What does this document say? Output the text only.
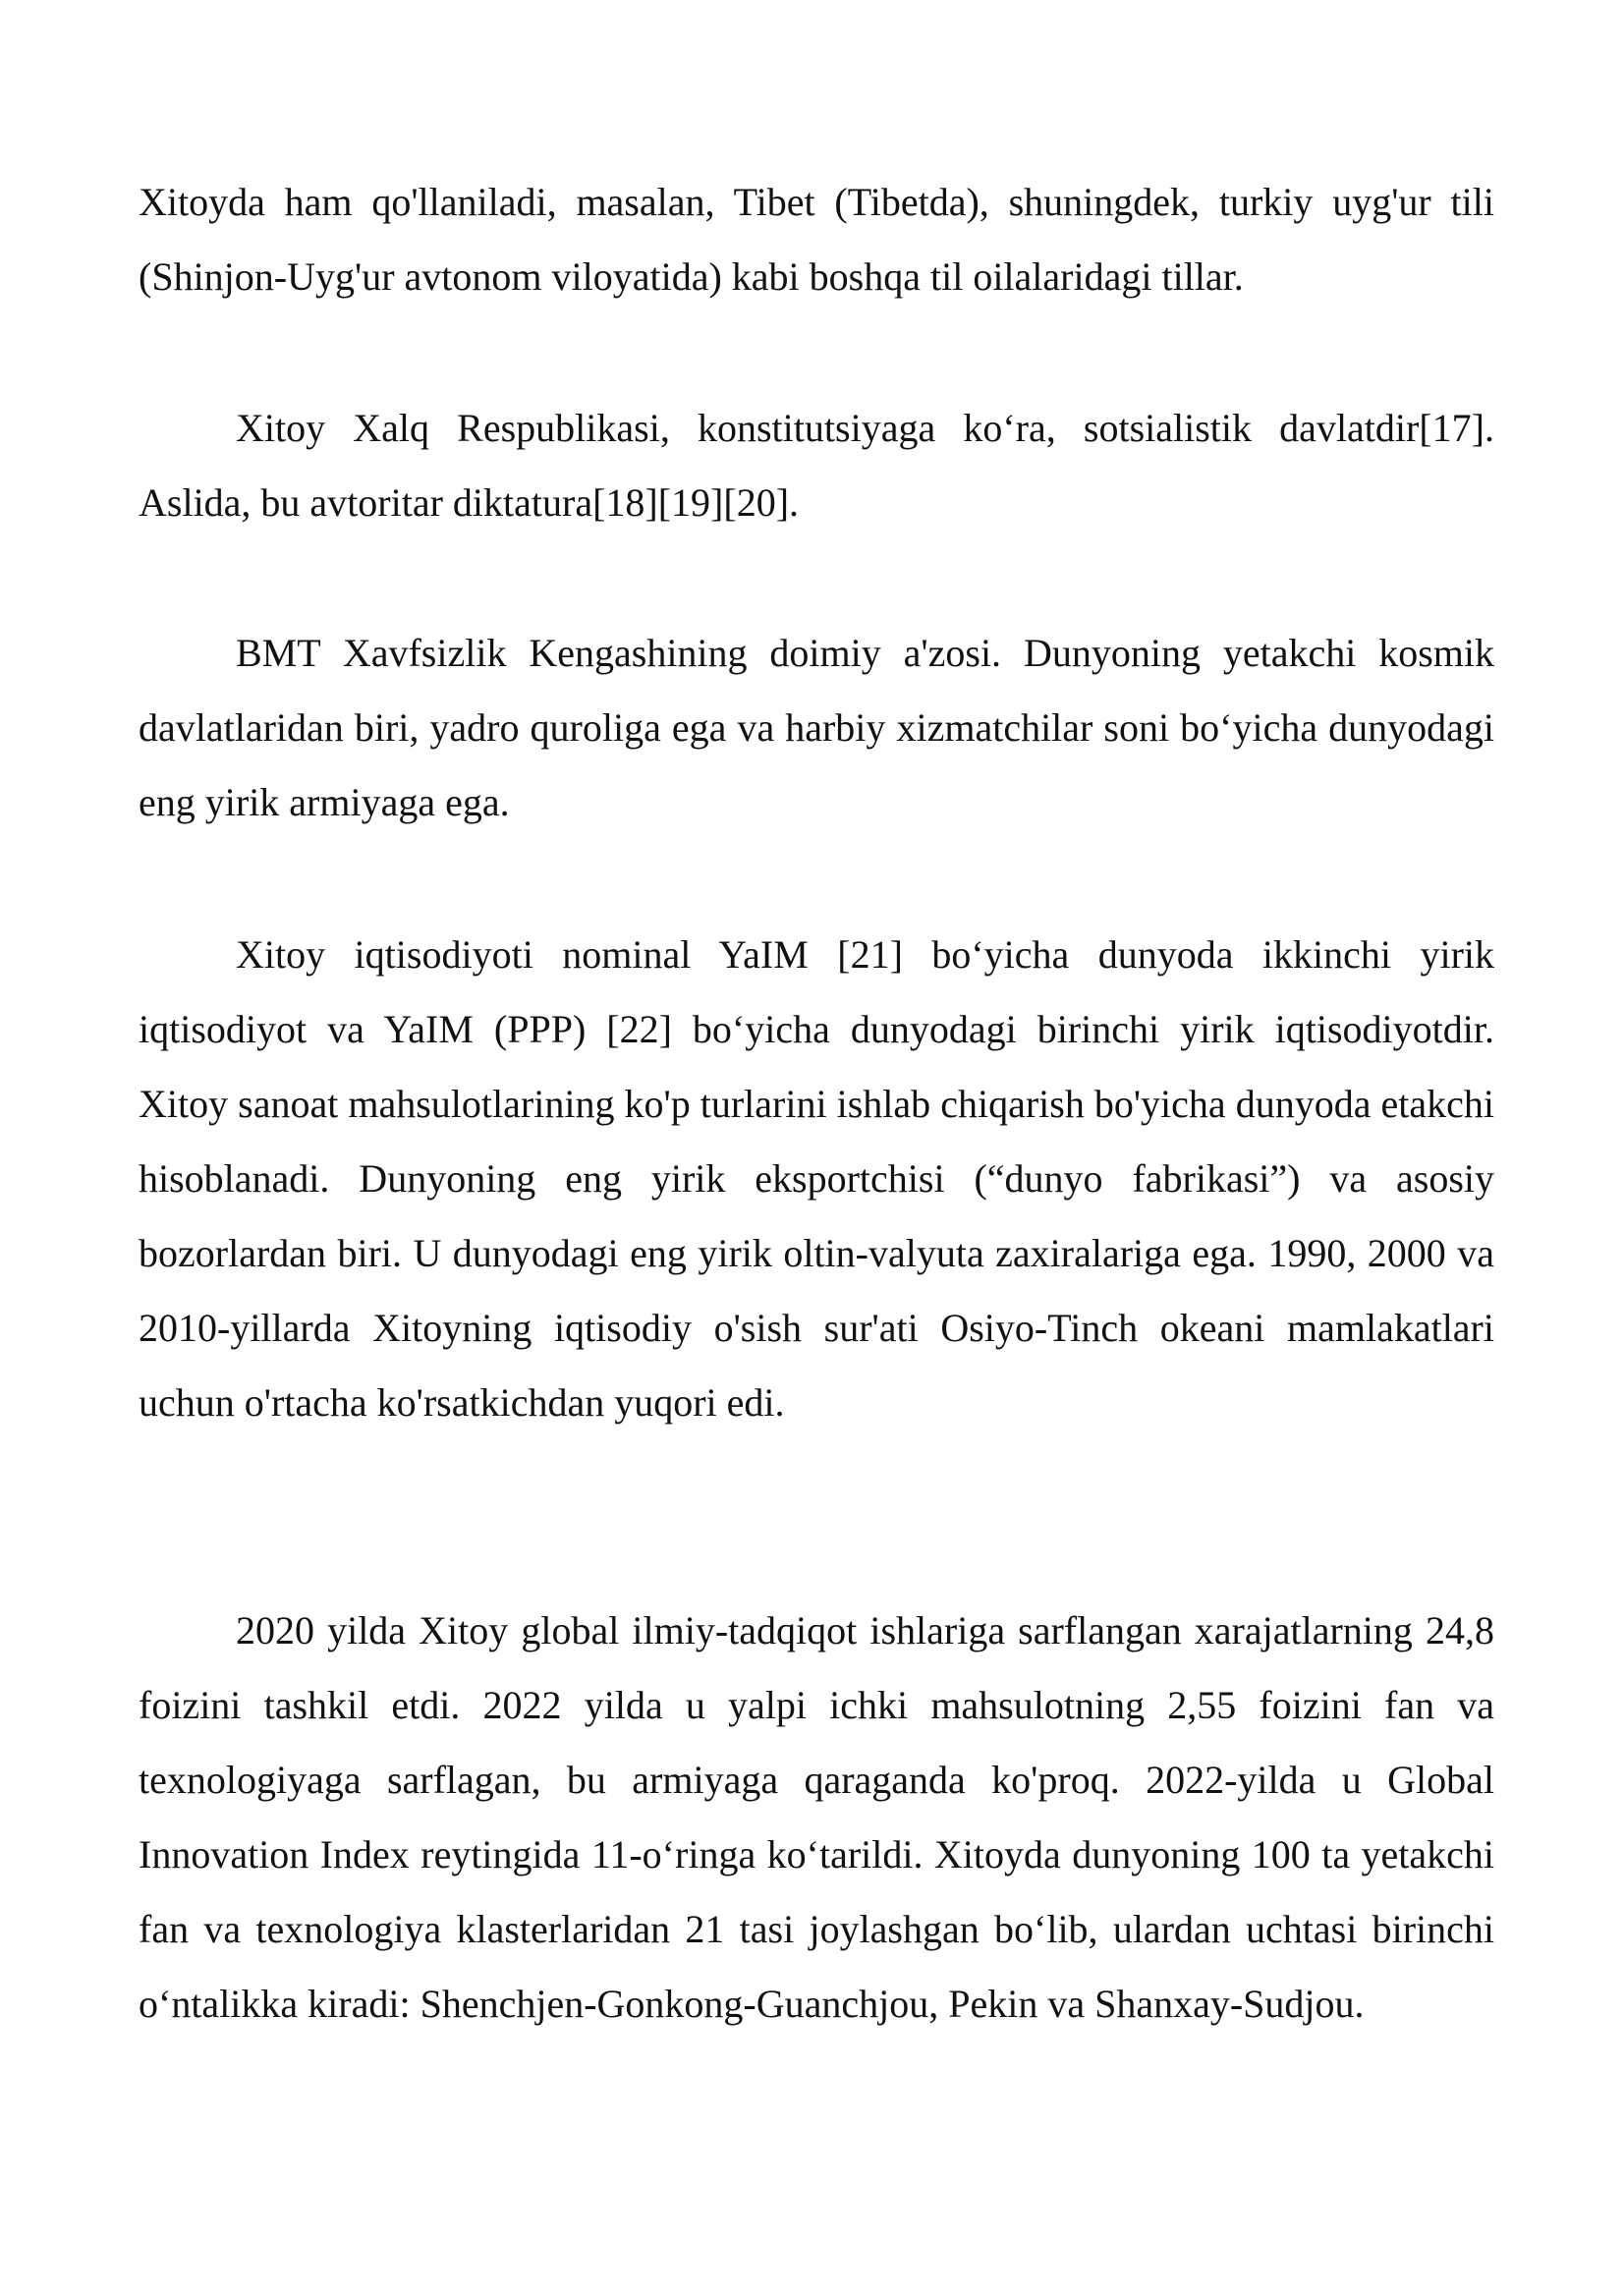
Xitoyda ham qo'llaniladi, masalan, Tibet (Tibetda), shuningdek, turkiy uyg'ur tili (Shinjon-Uyg'ur avtonom viloyatida) kabi boshqa til oilalaridagi tillar.

Xitoy Xalq Respublikasi, konstitutsiyaga ko‘ra, sotsialistik davlatdir[17]. Aslida, bu avtoritar diktatura[18][19][20].

BMT Xavfsizlik Kengashining doimiy a'zosi. Dunyoning yetakchi kosmik davlatlaridan biri, yadro quroliga ega va harbiy xizmatchilar soni bo‘yicha dunyodagi eng yirik armiyaga ega.

Xitoy iqtisodiyoti nominal YaIM [21] bo‘yicha dunyoda ikkinchi yirik iqtisodiyot va YaIM (PPP) [22] bo‘yicha dunyodagi birinchi yirik iqtisodiyotdir. Xitoy sanoat mahsulotlarining ko'p turlarini ishlab chiqarish bo'yicha dunyoda etakchi hisoblanadi. Dunyoning eng yirik eksportchisi (“dunyo fabrikasi”) va asosiy bozorlardan biri. U dunyodagi eng yirik oltin-valyuta zaxiralariga ega. 1990, 2000 va 2010-yillarda Xitoyning iqtisodiy o'sish sur'ati Osiyo-Tinch okeani mamlakatlari uchun o'rtacha ko'rsatkichdan yuqori edi.

2020 yilda Xitoy global ilmiy-tadqiqot ishlariga sarflangan xarajatlarning 24,8 foizini tashkil etdi. 2022 yilda u yalpi ichki mahsulotning 2,55 foizini fan va texnologiyaga sarflagan, bu armiyaga qaraganda ko'proq. 2022-yilda u Global Innovation Index reytingida 11-o‘ringa ko‘tarildi. Xitoyda dunyoning 100 ta yetakchi fan va texnologiya klasterlaridan 21 tasi joylashgan bo‘lib, ulardan uchtasi birinchi o‘ntalikka kiradi: Shenchjen-Gonkong-Guanchjou, Pekin va Shanxay-Sudjou.
